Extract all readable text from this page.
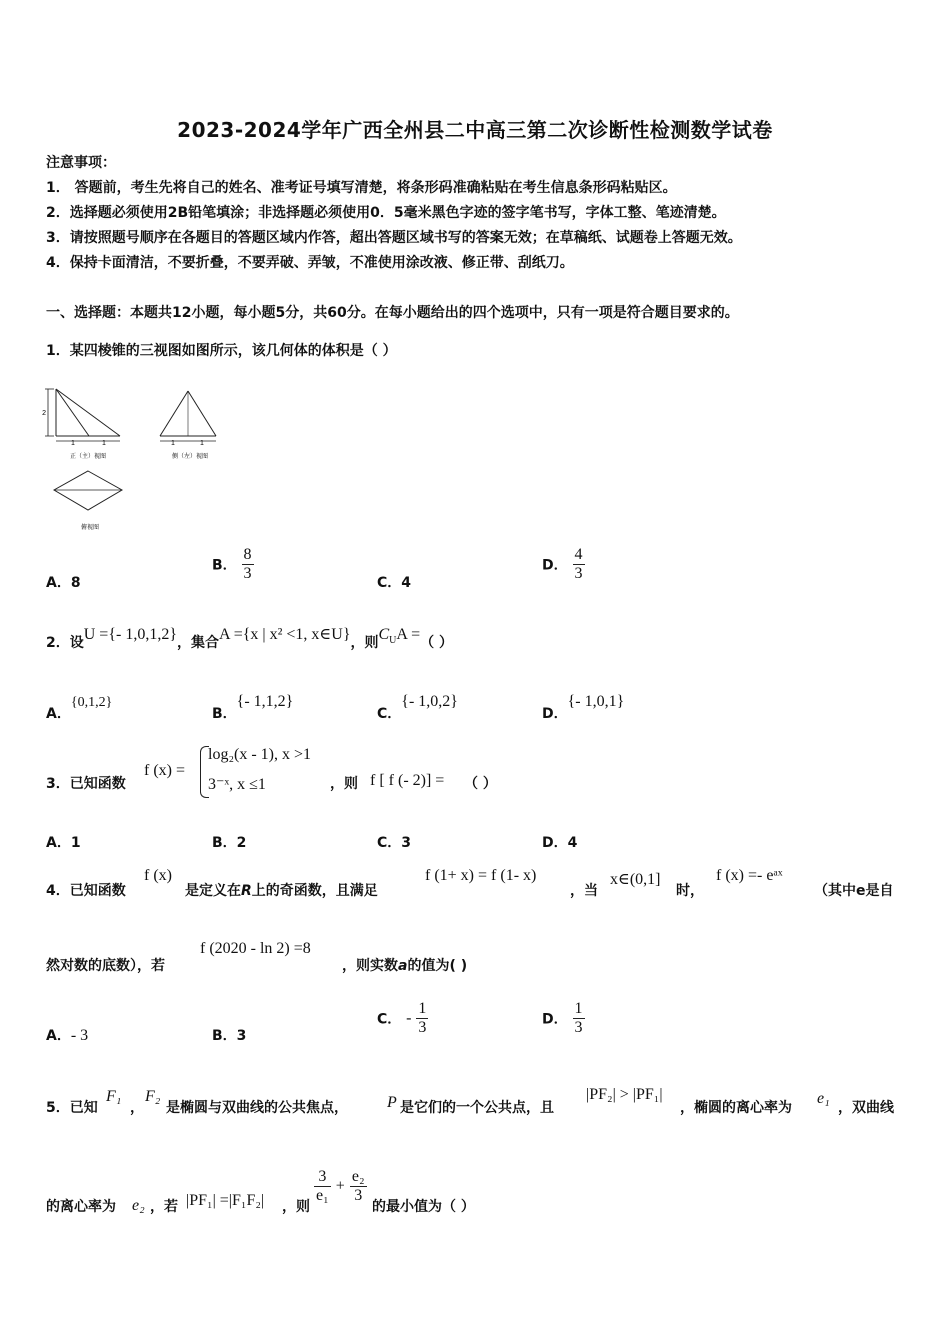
2023-2024学年广西全州县二中高三第二次诊断性检测数学试卷
注意事项：
1． 答题前，考生先将自己的姓名、准考证号填写清楚，将条形码准确粘贴在考生信息条形码粘贴区。
2．选择题必须使用2B铅笔填涂；非选择题必须使用0．5毫米黑色字迹的签字笔书写，字体工整、笔迹清楚。
3．请按照题号顺序在各题目的答题区域内作答，超出答题区域书写的答案无效；在草稿纸、试题卷上答题无效。
4．保持卡面清洁，不要折叠，不要弄破、弄皱，不准使用涂改液、修正带、刮纸刀。
一、选择题：本题共12小题，每小题5分，共60分。在每小题给出的四个选项中，只有一项是符合题目要求的。
1．某四棱锥的三视图如图所示，该几何体的体积是（ ）
2
1	1
正（主）视图
1	1
侧（左）视图
俯视图
A．8
B． $\frac{8}{3}$	C．4
D． $\frac{4}{3}$
2．设U ={- 1,0,1,2}，集合A ={x | x² <1, x∈U}，则$C_UA$ =（ ）
A．{0,1,2}
B．{- 1,1,2}
C．{- 1,0,2}
D．{- 1,0,1}
3．已知函数
f (x) =
log₂(x - 1), x >1
3⁻ˣ, x ≤1	，则 f [ f (- 2)] = （ ）
A．1	B．2	C．3	D．4
4．已知函数
f (x)
是定义在R上的奇函数，且满足
f (1+ x) = f (1- x)
，当
x∈(0,1]
时，
f (x) =- eᵃˣ
（其中e是自
然对数的底数），若
f (2020 - ln 2) =8
，则实数a的值为( )
A．- 3	B．3
C． - $\frac{1}{3}$	D． $\frac{1}{3}$
5．已知
F₁
，
F₂
是椭圆与双曲线的公共焦点， P 是它们的一个公共点，且
|PF₂| > |PF₁|
，椭圆的离心率为
e₁
，双曲线
的离心率为 e₂ ，若 |PF₁| =|F₁F₂| ，则
$\frac{3}{\text{e₁}} + \frac{\text{e₂}}{3}$
的最小值为（ ）
